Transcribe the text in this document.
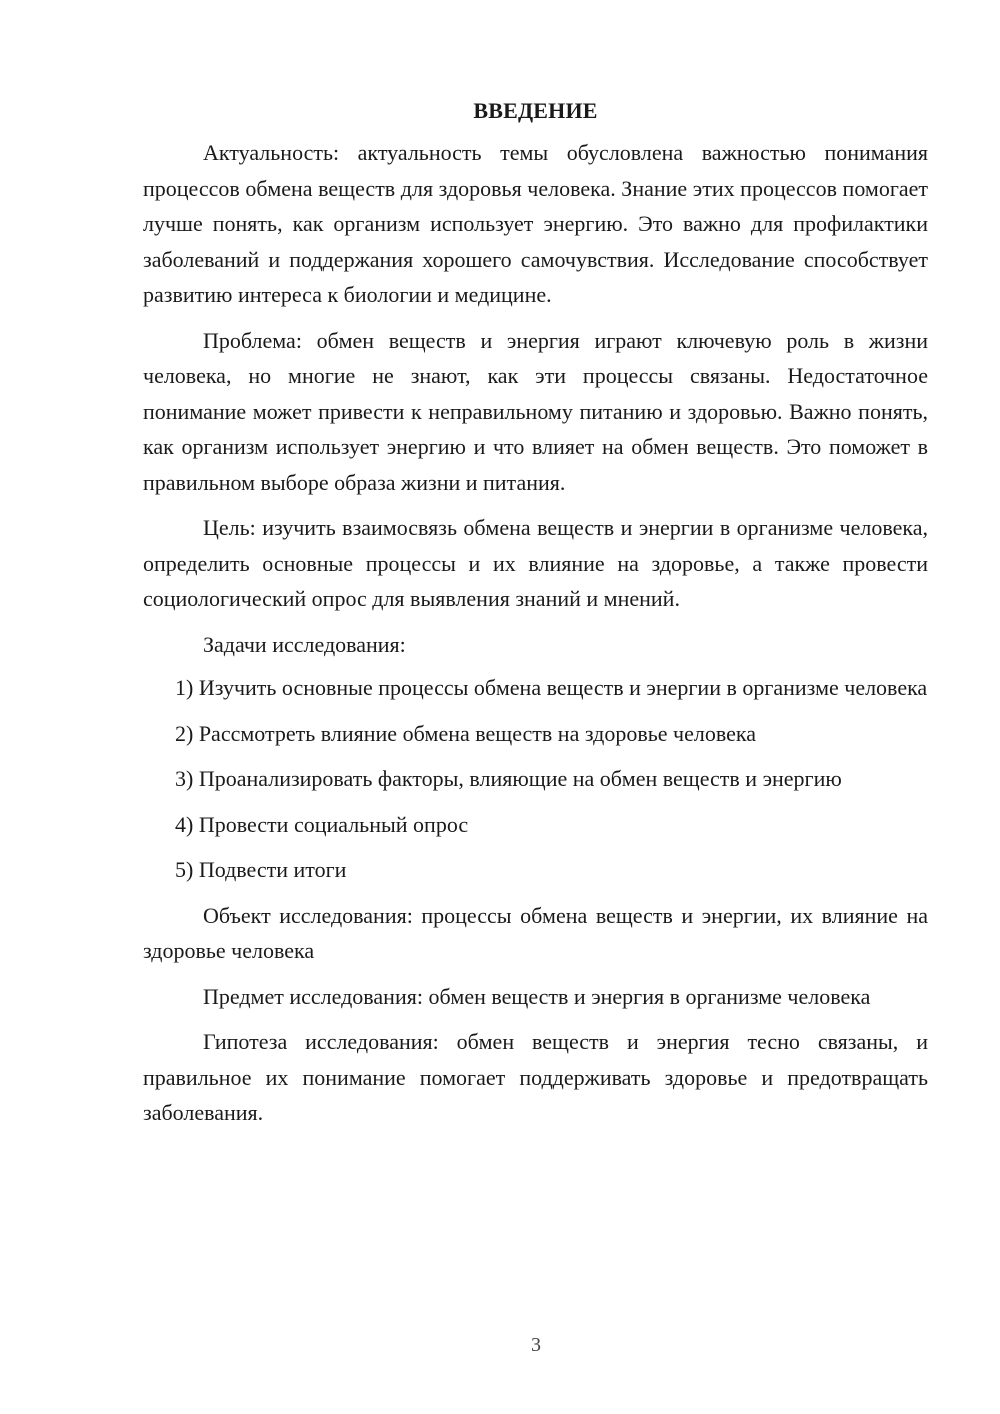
ВВЕДЕНИЕ

Актуальность: актуальность темы обусловлена важностью понимания процессов обмена веществ для здоровья человека. Знание этих процессов помогает лучше понять, как организм использует энергию. Это важно для профилактики заболеваний и поддержания хорошего самочувствия. Исследование способствует развитию интереса к биологии и медицине.

Проблема: обмен веществ и энергия играют ключевую роль в жизни человека, но многие не знают, как эти процессы связаны. Недостаточное понимание может привести к неправильному питанию и здоровью. Важно понять, как организм использует энергию и что влияет на обмен веществ. Это поможет в правильном выборе образа жизни и питания.

Цель: изучить взаимосвязь обмена веществ и энергии в организме человека, определить основные процессы и их влияние на здоровье, а также провести социологический опрос для выявления знаний и мнений.

Задачи исследования:

1) Изучить основные процессы обмена веществ и энергии в организме человека

2) Рассмотреть влияние обмена веществ на здоровье человека

3) Проанализировать факторы, влияющие на обмен веществ и энергию

4) Провести социальный опрос

5) Подвести итоги

Объект исследования: процессы обмена веществ и энергии, их влияние на здоровье человека

Предмет исследования: обмен веществ и энергия в организме человека

Гипотеза исследования: обмен веществ и энергия тесно связаны, и правильное их понимание помогает поддерживать здоровье и предотвращать заболевания.

3
